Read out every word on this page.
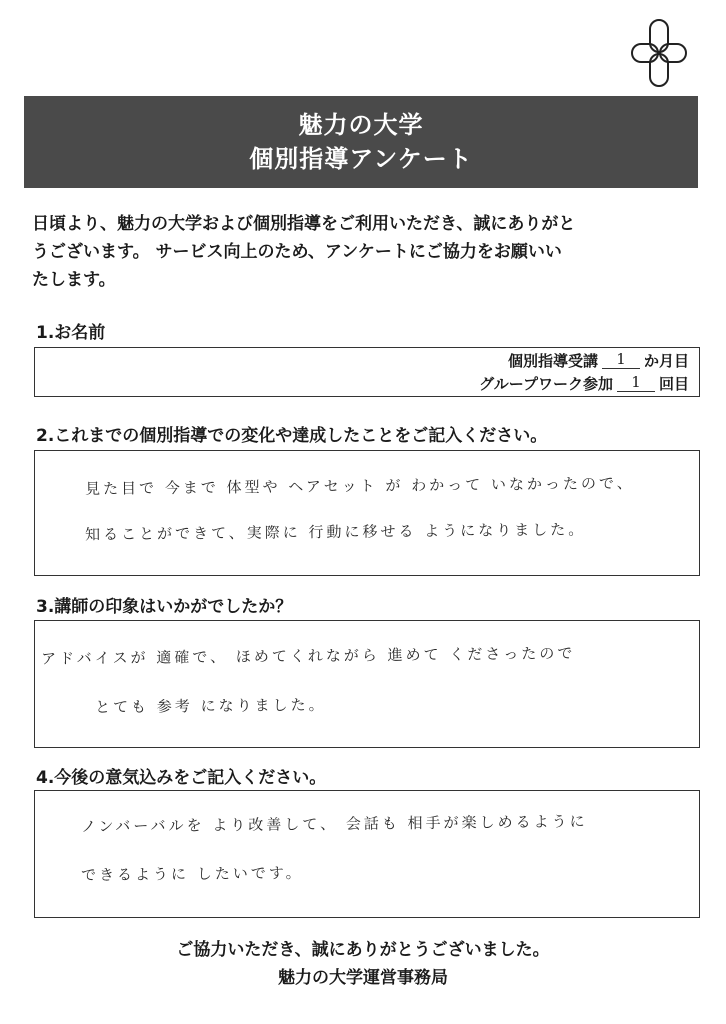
魅力の大学
個別指導アンケート
日頃より、魅力の大学および個別指導をご利用いただき、誠にありがと
うございます。 サービス向上のため、アンケートにご協力をお願いい
たします。
1.お名前
個別指導受講	1	か月目
グループワーク参加	1	回目
2.これまでの個別指導での変化や達成したことをご記入ください。
見た目で 今まで 体型や ヘアセット が わかって いなかったので、
知ることができて、実際に 行動に移せる ようになりました。
3.講師の印象はいかがでしたか？
アドバイスが 適確で、 ほめてくれながら 進めて くださったので
とても 参考 になりました。
4.今後の意気込みをご記入ください。
ノンバーバルを より改善して、 会話も 相手が楽しめるように
できるように したいです。
ご協力いただき、誠にありがとうございました。
魅力の大学運営事務局
